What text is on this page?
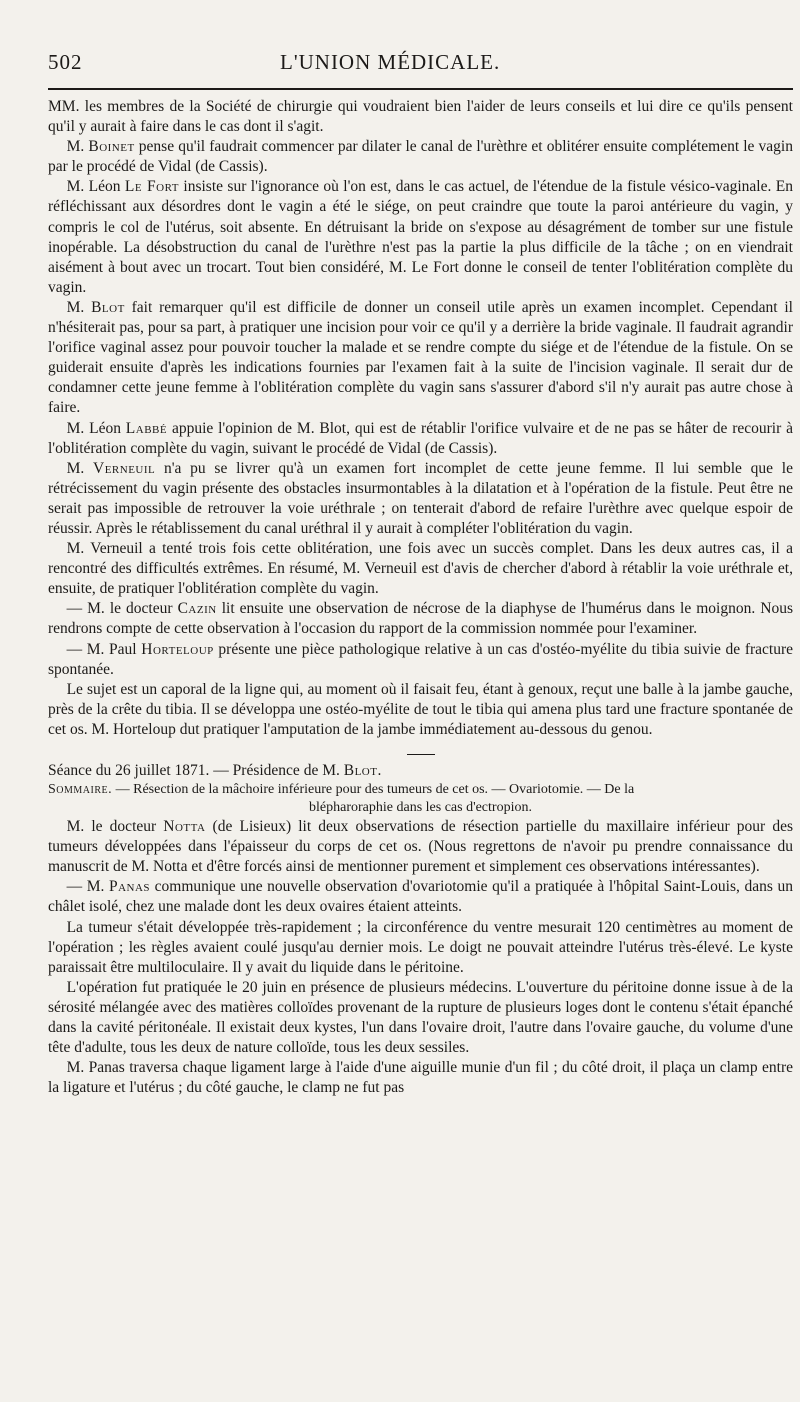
502	L'UNION MÉDICALE.

MM. les membres de la Société de chirurgie qui voudraient bien l'aider de leurs conseils et lui dire ce qu'ils pensent qu'il y aurait à faire dans le cas dont il s'agit.

M. Boinet pense qu'il faudrait commencer par dilater le canal de l'urèthre et oblitérer ensuite complétement le vagin par le procédé de Vidal (de Cassis).

M. Léon Le Fort insiste sur l'ignorance où l'on est, dans le cas actuel, de l'étendue de la fistule vésico-vaginale. En réfléchissant aux désordres dont le vagin a été le siége, on peut craindre que toute la paroi antérieure du vagin, y compris le col de l'utérus, soit absente. En détruisant la bride on s'expose au désagrément de tomber sur une fistule inopérable. La désobstruction du canal de l'urèthre n'est pas la partie la plus difficile de la tâche ; on en viendrait aisément à bout avec un trocart. Tout bien considéré, M. Le Fort donne le conseil de tenter l'oblitération complète du vagin.

M. Blot fait remarquer qu'il est difficile de donner un conseil utile après un examen incomplet. Cependant il n'hésiterait pas, pour sa part, à pratiquer une incision pour voir ce qu'il y a derrière la bride vaginale. Il faudrait agrandir l'orifice vaginal assez pour pouvoir toucher la malade et se rendre compte du siége et de l'étendue de la fistule. On se guiderait ensuite d'après les indications fournies par l'examen fait à la suite de l'incision vaginale. Il serait dur de condamner cette jeune femme à l'oblitération complète du vagin sans s'assurer d'abord s'il n'y aurait pas autre chose à faire.

M. Léon Labbé appuie l'opinion de M. Blot, qui est de rétablir l'orifice vulvaire et de ne pas se hâter de recourir à l'oblitération complète du vagin, suivant le procédé de Vidal (de Cassis).

M. Verneuil n'a pu se livrer qu'à un examen fort incomplet de cette jeune femme. Il lui semble que le rétrécissement du vagin présente des obstacles insurmontables à la dilatation et à l'opération de la fistule. Peut être ne serait pas impossible de retrouver la voie uréthrale ; on tenterait d'abord de refaire l'urèthre avec quelque espoir de réussir. Après le rétablissement du canal uréthral il y aurait à compléter l'oblitération du vagin.

M. Verneuil a tenté trois fois cette oblitération, une fois avec un succès complet. Dans les deux autres cas, il a rencontré des difficultés extrêmes. En résumé, M. Verneuil est d'avis de chercher d'abord à rétablir la voie uréthrale et, ensuite, de pratiquer l'oblitération complète du vagin.

— M. le docteur Cazin lit ensuite une observation de nécrose de la diaphyse de l'humérus dans le moignon. Nous rendrons compte de cette observation à l'occasion du rapport de la commission nommée pour l'examiner.

— M. Paul Horteloup présente une pièce pathologique relative à un cas d'ostéo-myélite du tibia suivie de fracture spontanée.

Le sujet est un caporal de la ligne qui, au moment où il faisait feu, étant à genoux, reçut une balle à la jambe gauche, près de la crête du tibia. Il se développa une ostéo-myélite de tout le tibia qui amena plus tard une fracture spontanée de cet os. M. Horteloup dut pratiquer l'amputation de la jambe immédiatement au-dessous du genou.

Séance du 26 juillet 1871. — Présidence de M. Blot.

Sommaire. — Résection de la mâchoire inférieure pour des tumeurs de cet os. — Ovariotomie. — De la
blépharoraphie dans les cas d'ectropion.

M. le docteur Notta (de Lisieux) lit deux observations de résection partielle du maxillaire inférieur pour des tumeurs développées dans l'épaisseur du corps de cet os. (Nous regrettons de n'avoir pu prendre connaissance du manuscrit de M. Notta et d'être forcés ainsi de mentionner purement et simplement ces observations intéressantes).

— M. Panas communique une nouvelle observation d'ovariotomie qu'il a pratiquée à l'hôpital Saint-Louis, dans un châlet isolé, chez une malade dont les deux ovaires étaient atteints.

La tumeur s'était développée très-rapidement ; la circonférence du ventre mesurait 120 centimètres au moment de l'opération ; les règles avaient coulé jusqu'au dernier mois. Le doigt ne pouvait atteindre l'utérus très-élevé. Le kyste paraissait être multiloculaire. Il y avait du liquide dans le péritoine.

L'opération fut pratiquée le 20 juin en présence de plusieurs médecins. L'ouverture du péritoine donne issue à de la sérosité mélangée avec des matières colloïdes provenant de la rupture de plusieurs loges dont le contenu s'était épanché dans la cavité péritonéale. Il existait deux kystes, l'un dans l'ovaire droit, l'autre dans l'ovaire gauche, du volume d'une tête d'adulte, tous les deux de nature colloïde, tous les deux sessiles.

M. Panas traversa chaque ligament large à l'aide d'une aiguille munie d'un fil ; du côté droit, il plaça un clamp entre la ligature et l'utérus ; du côté gauche, le clamp ne fut pas
